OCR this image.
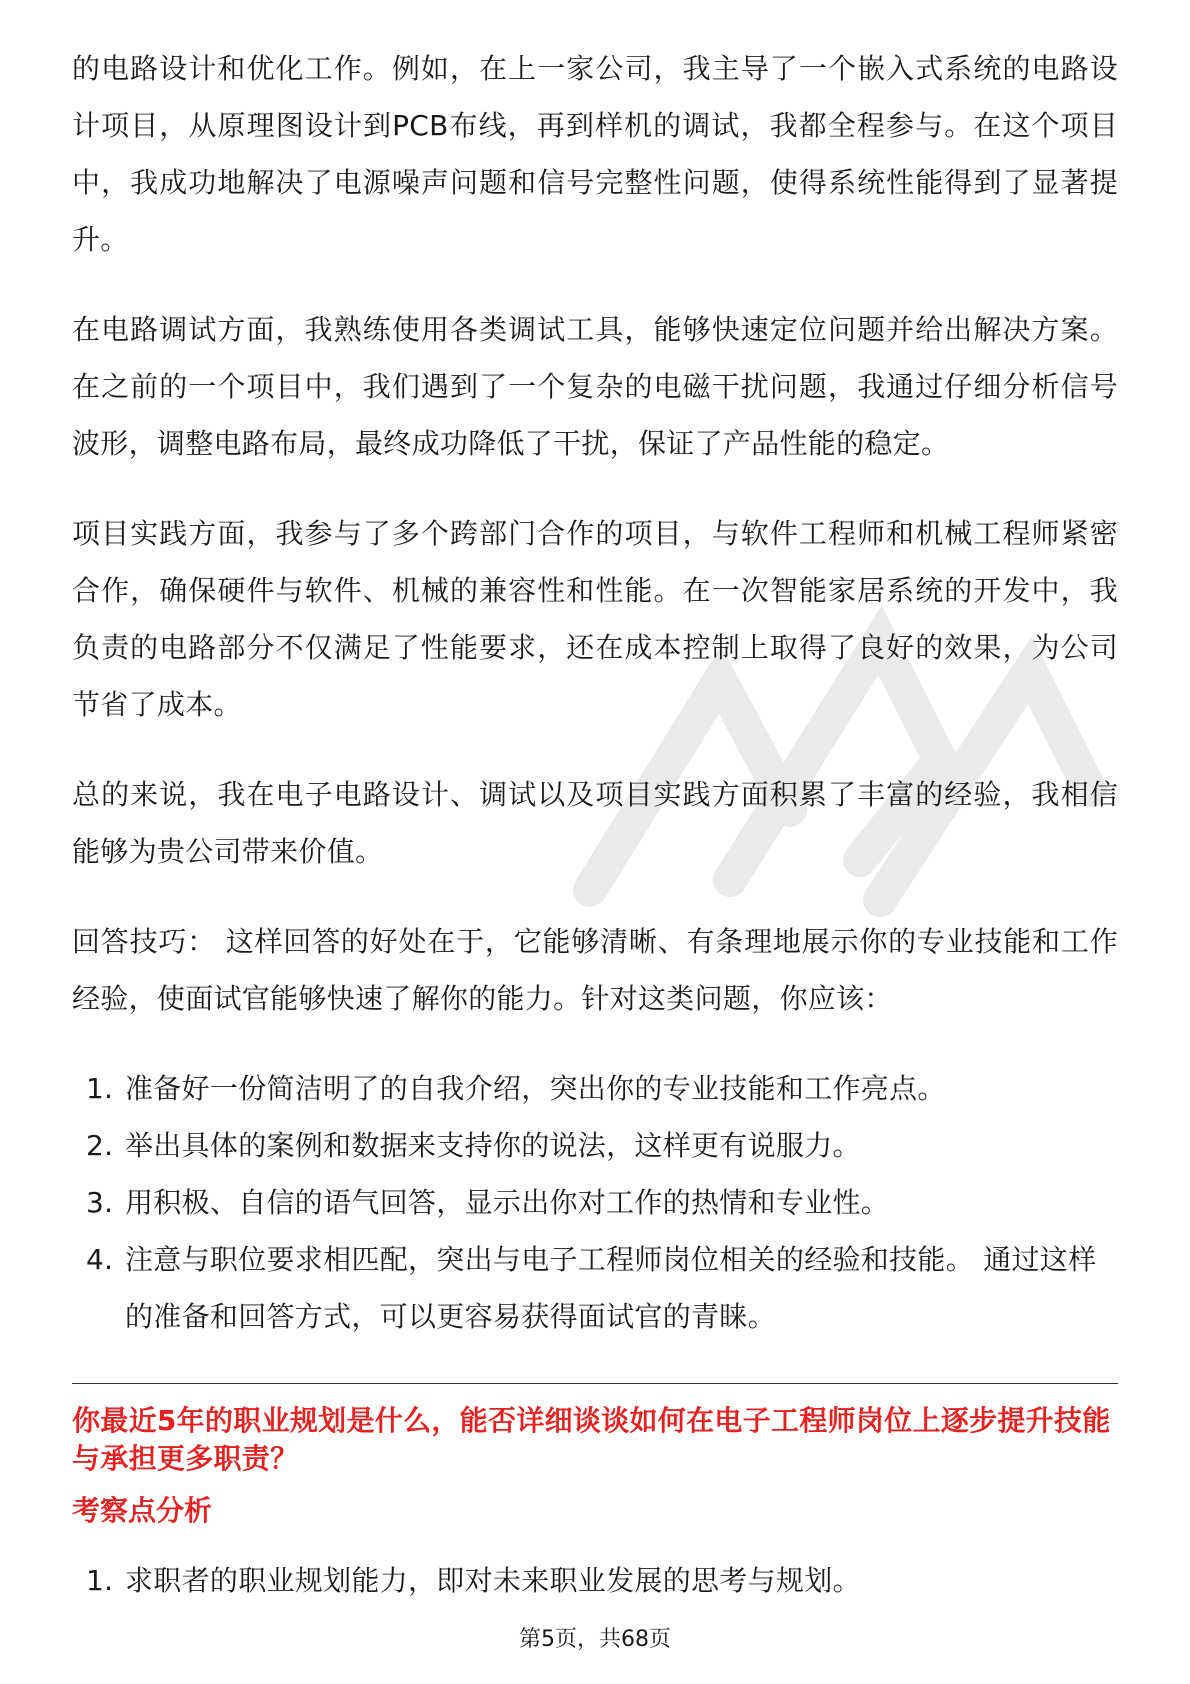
的电路设计和优化工作。例如，在上一家公司，我主导了一个嵌入式系统的电路设计项目，从原理图设计到PCB布线，再到样机的调试，我都全程参与。在这个项目中，我成功地解决了电源噪声问题和信号完整性问题，使得系统性能得到了显著提升。

在电路调试方面，我熟练使用各类调试工具，能够快速定位问题并给出解决方案。在之前的一个项目中，我们遇到了一个复杂的电磁干扰问题，我通过仔细分析信号波形，调整电路布局，最终成功降低了干扰，保证了产品性能的稳定。

项目实践方面，我参与了多个跨部门合作的项目，与软件工程师和机械工程师紧密合作，确保硬件与软件、机械的兼容性和性能。在一次智能家居系统的开发中，我负责的电路部分不仅满足了性能要求，还在成本控制上取得了良好的效果，为公司节省了成本。

总的来说，我在电子电路设计、调试以及项目实践方面积累了丰富的经验，我相信能够为贵公司带来价值。

回答技巧： 这样回答的好处在于，它能够清晰、有条理地展示你的专业技能和工作经验，使面试官能够快速了解你的能力。针对这类问题，你应该：

1. 准备好一份简洁明了的自我介绍，突出你的专业技能和工作亮点。
2. 举出具体的案例和数据来支持你的说法，这样更有说服力。
3. 用积极、自信的语气回答，显示出你对工作的热情和专业性。
4. 注意与职位要求相匹配，突出与电子工程师岗位相关的经验和技能。 通过这样的准备和回答方式，可以更容易获得面试官的青睐。

你最近5年的职业规划是什么，能否详细谈谈如何在电子工程师岗位上逐步提升技能与承担更多职责？

考察点分析

1. 求职者的职业规划能力，即对未来职业发展的思考与规划。
第5页，共68页
